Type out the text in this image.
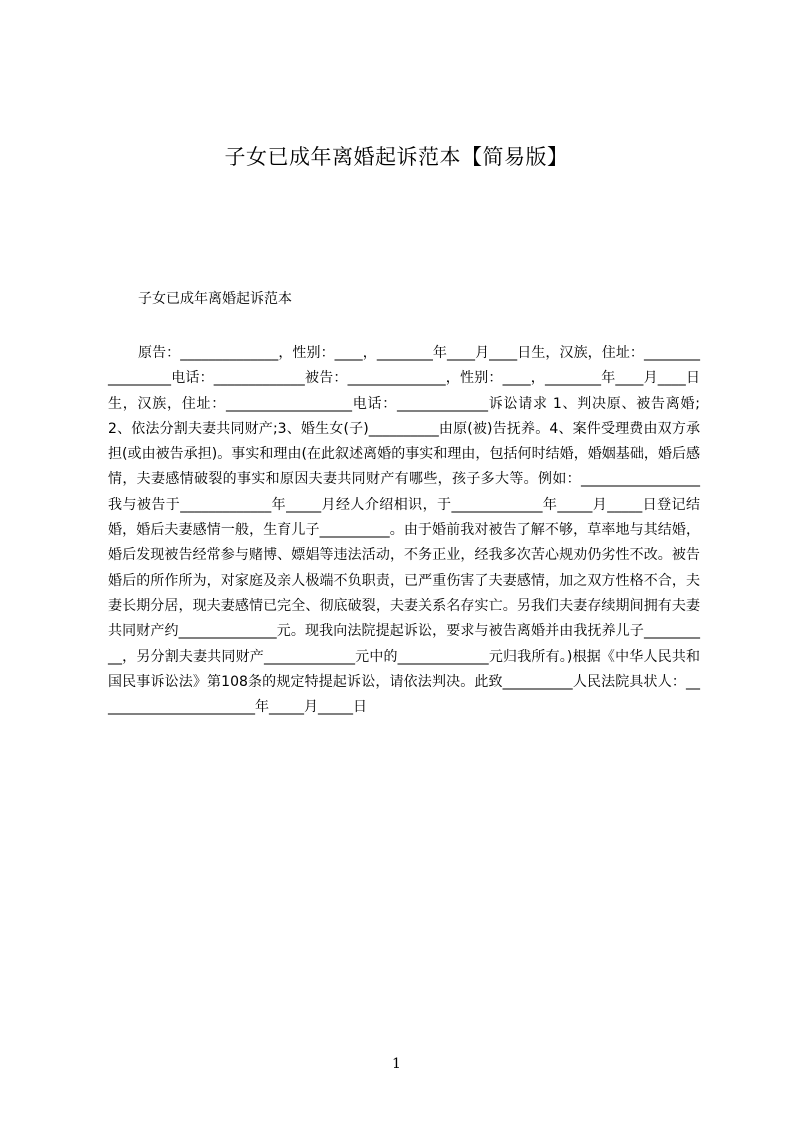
子女已成年离婚起诉范本【简易版】
子女已成年离婚起诉范本
原告：______________，性别：____，________年____月____日生，汉族，住址：_________________电话：_____________被告：______________，性别：____，________年____月____日生，汉族，住址：__________________电话：_____________诉讼请求 1、判决原、被告离婚;2、依法分割夫妻共同财产;3、婚生女(子)__________由原(被)告抚养。4、案件受理费由双方承担(或由被告承担)。事实和理由(在此叙述离婚的事实和理由，包括何时结婚，婚姻基础，婚后感情，夫妻感情破裂的事实和原因夫妻共同财产有哪些，孩子多大等。例如：_________________我与被告于_____________年_____月经人介绍相识，于_____________年_____月_____日登记结婚，婚后夫妻感情一般，生育儿子__________。由于婚前我对被告了解不够，草率地与其结婚，婚后发现被告经常参与赌博、嫖娼等违法活动，不务正业，经我多次苦心规劝仍劣性不改。被告婚后的所作所为，对家庭及亲人极端不负职责，已严重伤害了夫妻感情，加之双方性格不合，夫妻长期分居，现夫妻感情已完全、彻底破裂，夫妻关系名存实亡。另我们夫妻存续期间拥有夫妻共同财产约______________元。现我向法院提起诉讼，要求与被告离婚并由我抚养儿子__________，另分割夫妻共同财产_____________元中的_____________元归我所有。)根据《中华人民共和国民事诉讼法》第108条的规定特提起诉讼，请依法判决。此致__________人民法院具状人：_______________________年_____月_____日
1
